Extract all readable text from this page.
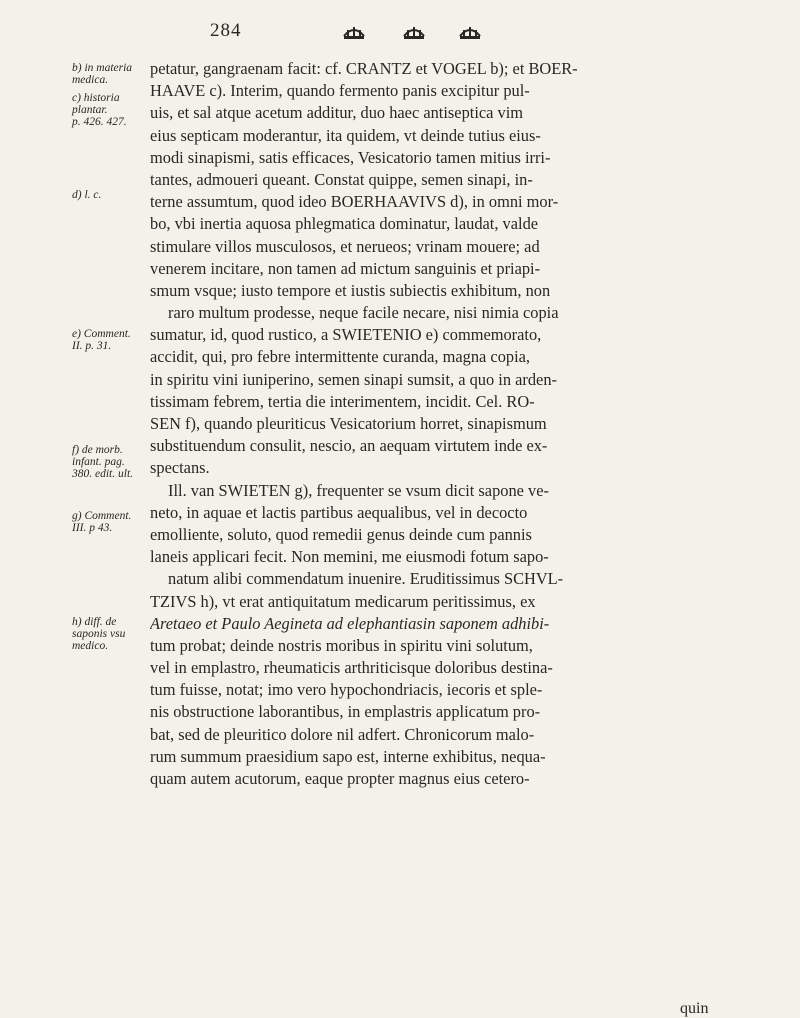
284
b) in materia
medica.
c) historia
plantar.
p. 426. 427.
d) l. c.
e) Comment.
II. p. 31.
f) de morb.
infant. pag.
380. edit. ult.
g) Comment.
III. p 43.
h) diff. de
saponis vsu
medico.
petatur, gangraenam facit: cf. CRANTZ et VOGEL b); et BOER-
HAAVE c). Interim, quando fermento panis excipitur pul-
uis, et sal atque acetum additur, duo haec antiseptica vim
eius septicam moderantur, ita quidem, vt deinde tutius eius-
modi sinapismi, satis efficaces, Vesicatorio tamen mitius irri-
tantes, admoueri queant. Constat quippe, semen sinapi, in-
terne assumtum, quod ideo BOERHAAVIVS d), in omni mor-
bo, vbi inertia aquosa phlegmatica dominatur, laudat, valde
stimulare villos musculosos, et neruеos; vrinam mouere; ad
venerem incitare, non tamen ad mictum sanguinis et priapi-
smum vsque; iusto tempore et iustis subiectis exhibitum, non
raro multum prodesse, neque facile necare, nisi nimia copia
sumatur, id, quod rustico, a SWIETENIO e) commemorato,
accidit, qui, pro febre intermittente curanda, magna copia,
in spiritu vini iuniperino, semen sinapi sumsit, a quo in arden-
tissimam febrem, tertia die interimentem, incidit. Cel. RO-
SEN f), quando pleuriticus Vesicatorium horret, sinapismum
substituendum consulit, nescio, an aequam virtutem inde ex-
spectans.
Ill. van SWIETEN g), frequenter se vsum dicit sapone ve-
neto, in aquae et lactis partibus aequalibus, vel in decocto
emolliente, soluto, quod remedii genus deinde cum pannis
laneis applicari fecit. Non memini, me eiusmodi fotum sapo-
natum alibi commendatum inuenire. Eruditissimus SCHVL-
TZIVS h), vt erat antiquitatum medicarum peritissimus, ex
Aretaeo et Paulo Aegineta ad elephantiasin saponem adhibi-
tum probat; deinde nostris moribus in spiritu vini solutum,
vel in emplastro, rheumaticis arthriticisque doloribus destina-
tum fuisse, notat; imo vero hypochondriacis, iecoris et sple-
nis obstructione laborantibus, in emplastris applicatum pro-
bat, sed de pleuritico dolore nil adfert. Chronicorum malo-
rum summum praesidium sapo est, interne exhibitus, nequa-
quam autem acutorum, eaque propter magnus eius cetero-
quin
